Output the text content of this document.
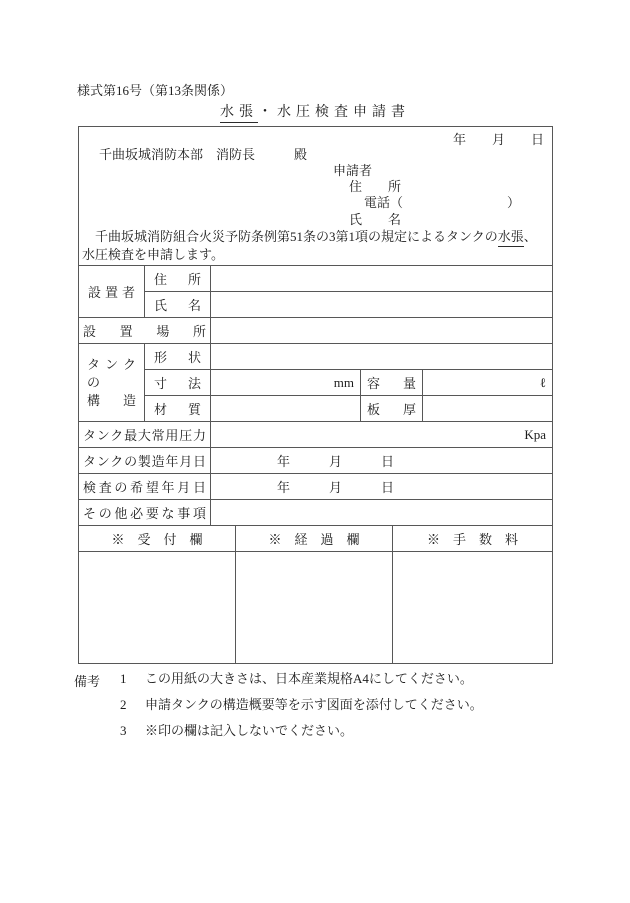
様式第16号（第13条関係）
水張・水圧検査申請書
年　　月　　日
千曲坂城消防本部　消防長　　　殿
申請者
住　　所
電話（　　　　　　　　）
氏　　名
　千曲坂城消防組合火災予防条例第51条の3第1項の規定によるタンクの水張、
水圧検査を申請します。

設置者	住所					
	氏名					
設置場所						

タンクの
構造	形状					
	寸法	mm		容量		ℓ
	材質			板厚		
タンク最大常用圧力		Kpa				
タンクの製造年月日		年　　　月　　　日				
検査の希望年月日		年　　　月　　　日				
その他必要な事項						
※　受　付　欄			※　経　過　欄		※　手　数　料	

備考 1 この用紙の大きさは、日本産業規格A4にしてください。
2 申請タンクの構造概要等を示す図面を添付してください。
3 ※印の欄は記入しないでください。
